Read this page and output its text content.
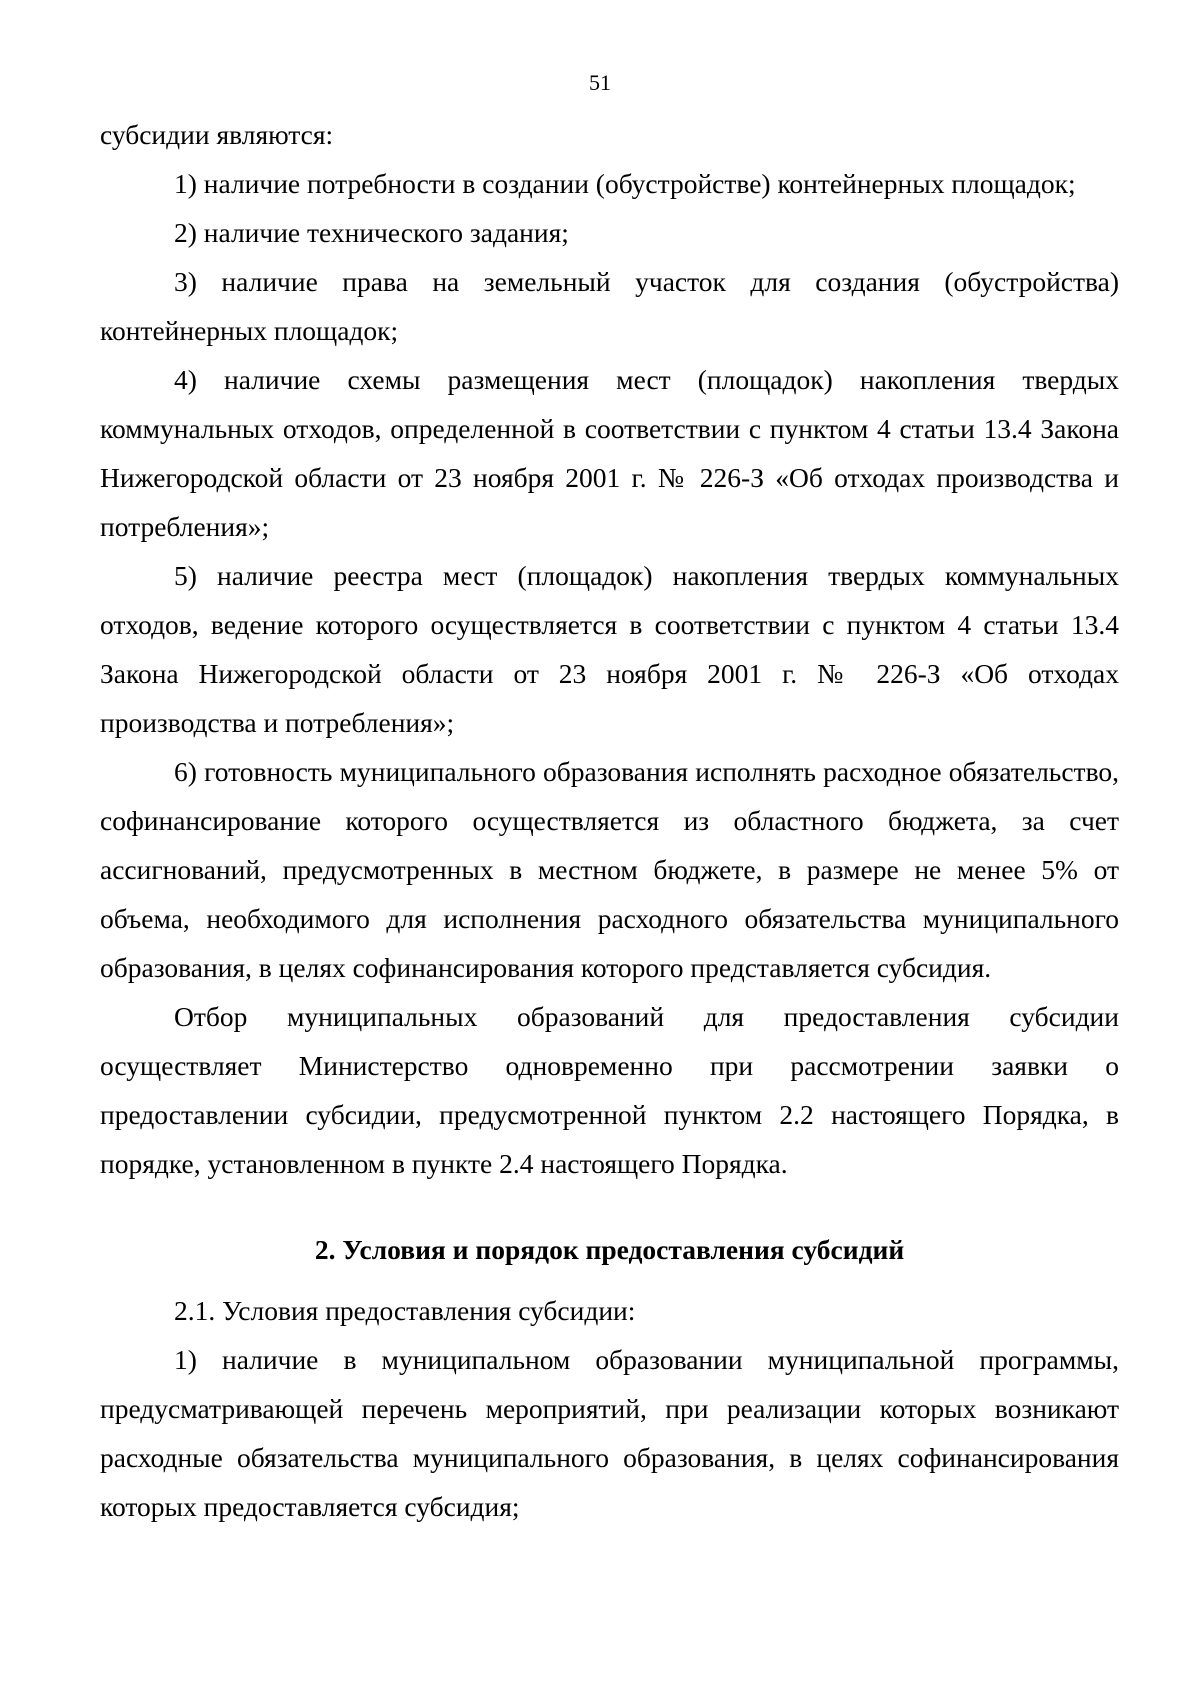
51

субсидии являются:

1) наличие потребности в создании (обустройстве) контейнерных площадок;

2) наличие технического задания;

3) наличие права на земельный участок для создания (обустройства) контейнерных площадок;

4) наличие схемы размещения мест (площадок) накопления твердых коммунальных отходов, определенной в соответствии с пунктом 4 статьи 13.4 Закона Нижегородской области от 23 ноября 2001 г. № 226-З «Об отходах производства и потребления»;

5) наличие реестра мест (площадок) накопления твердых коммунальных отходов, ведение которого осуществляется в соответствии с пунктом 4 статьи 13.4 Закона Нижегородской области от 23 ноября 2001 г. № 226-З «Об отходах производства и потребления»;

6) готовность муниципального образования исполнять расходное обязательство, софинансирование которого осуществляется из областного бюджета, за счет ассигнований, предусмотренных в местном бюджете, в размере не менее 5% от объема, необходимого для исполнения расходного обязательства муниципального образования, в целях софинансирования которого представляется субсидия.

Отбор муниципальных образований для предоставления субсидии осуществляет Министерство одновременно при рассмотрении заявки о предоставлении субсидии, предусмотренной пунктом 2.2 настоящего Порядка, в порядке, установленном в пункте 2.4 настоящего Порядка.

2. Условия и порядок предоставления субсидий

2.1. Условия предоставления субсидии:

1) наличие в муниципальном образовании муниципальной программы, предусматривающей перечень мероприятий, при реализации которых возникают расходные обязательства муниципального образования, в целях софинансирования которых предоставляется субсидия;
